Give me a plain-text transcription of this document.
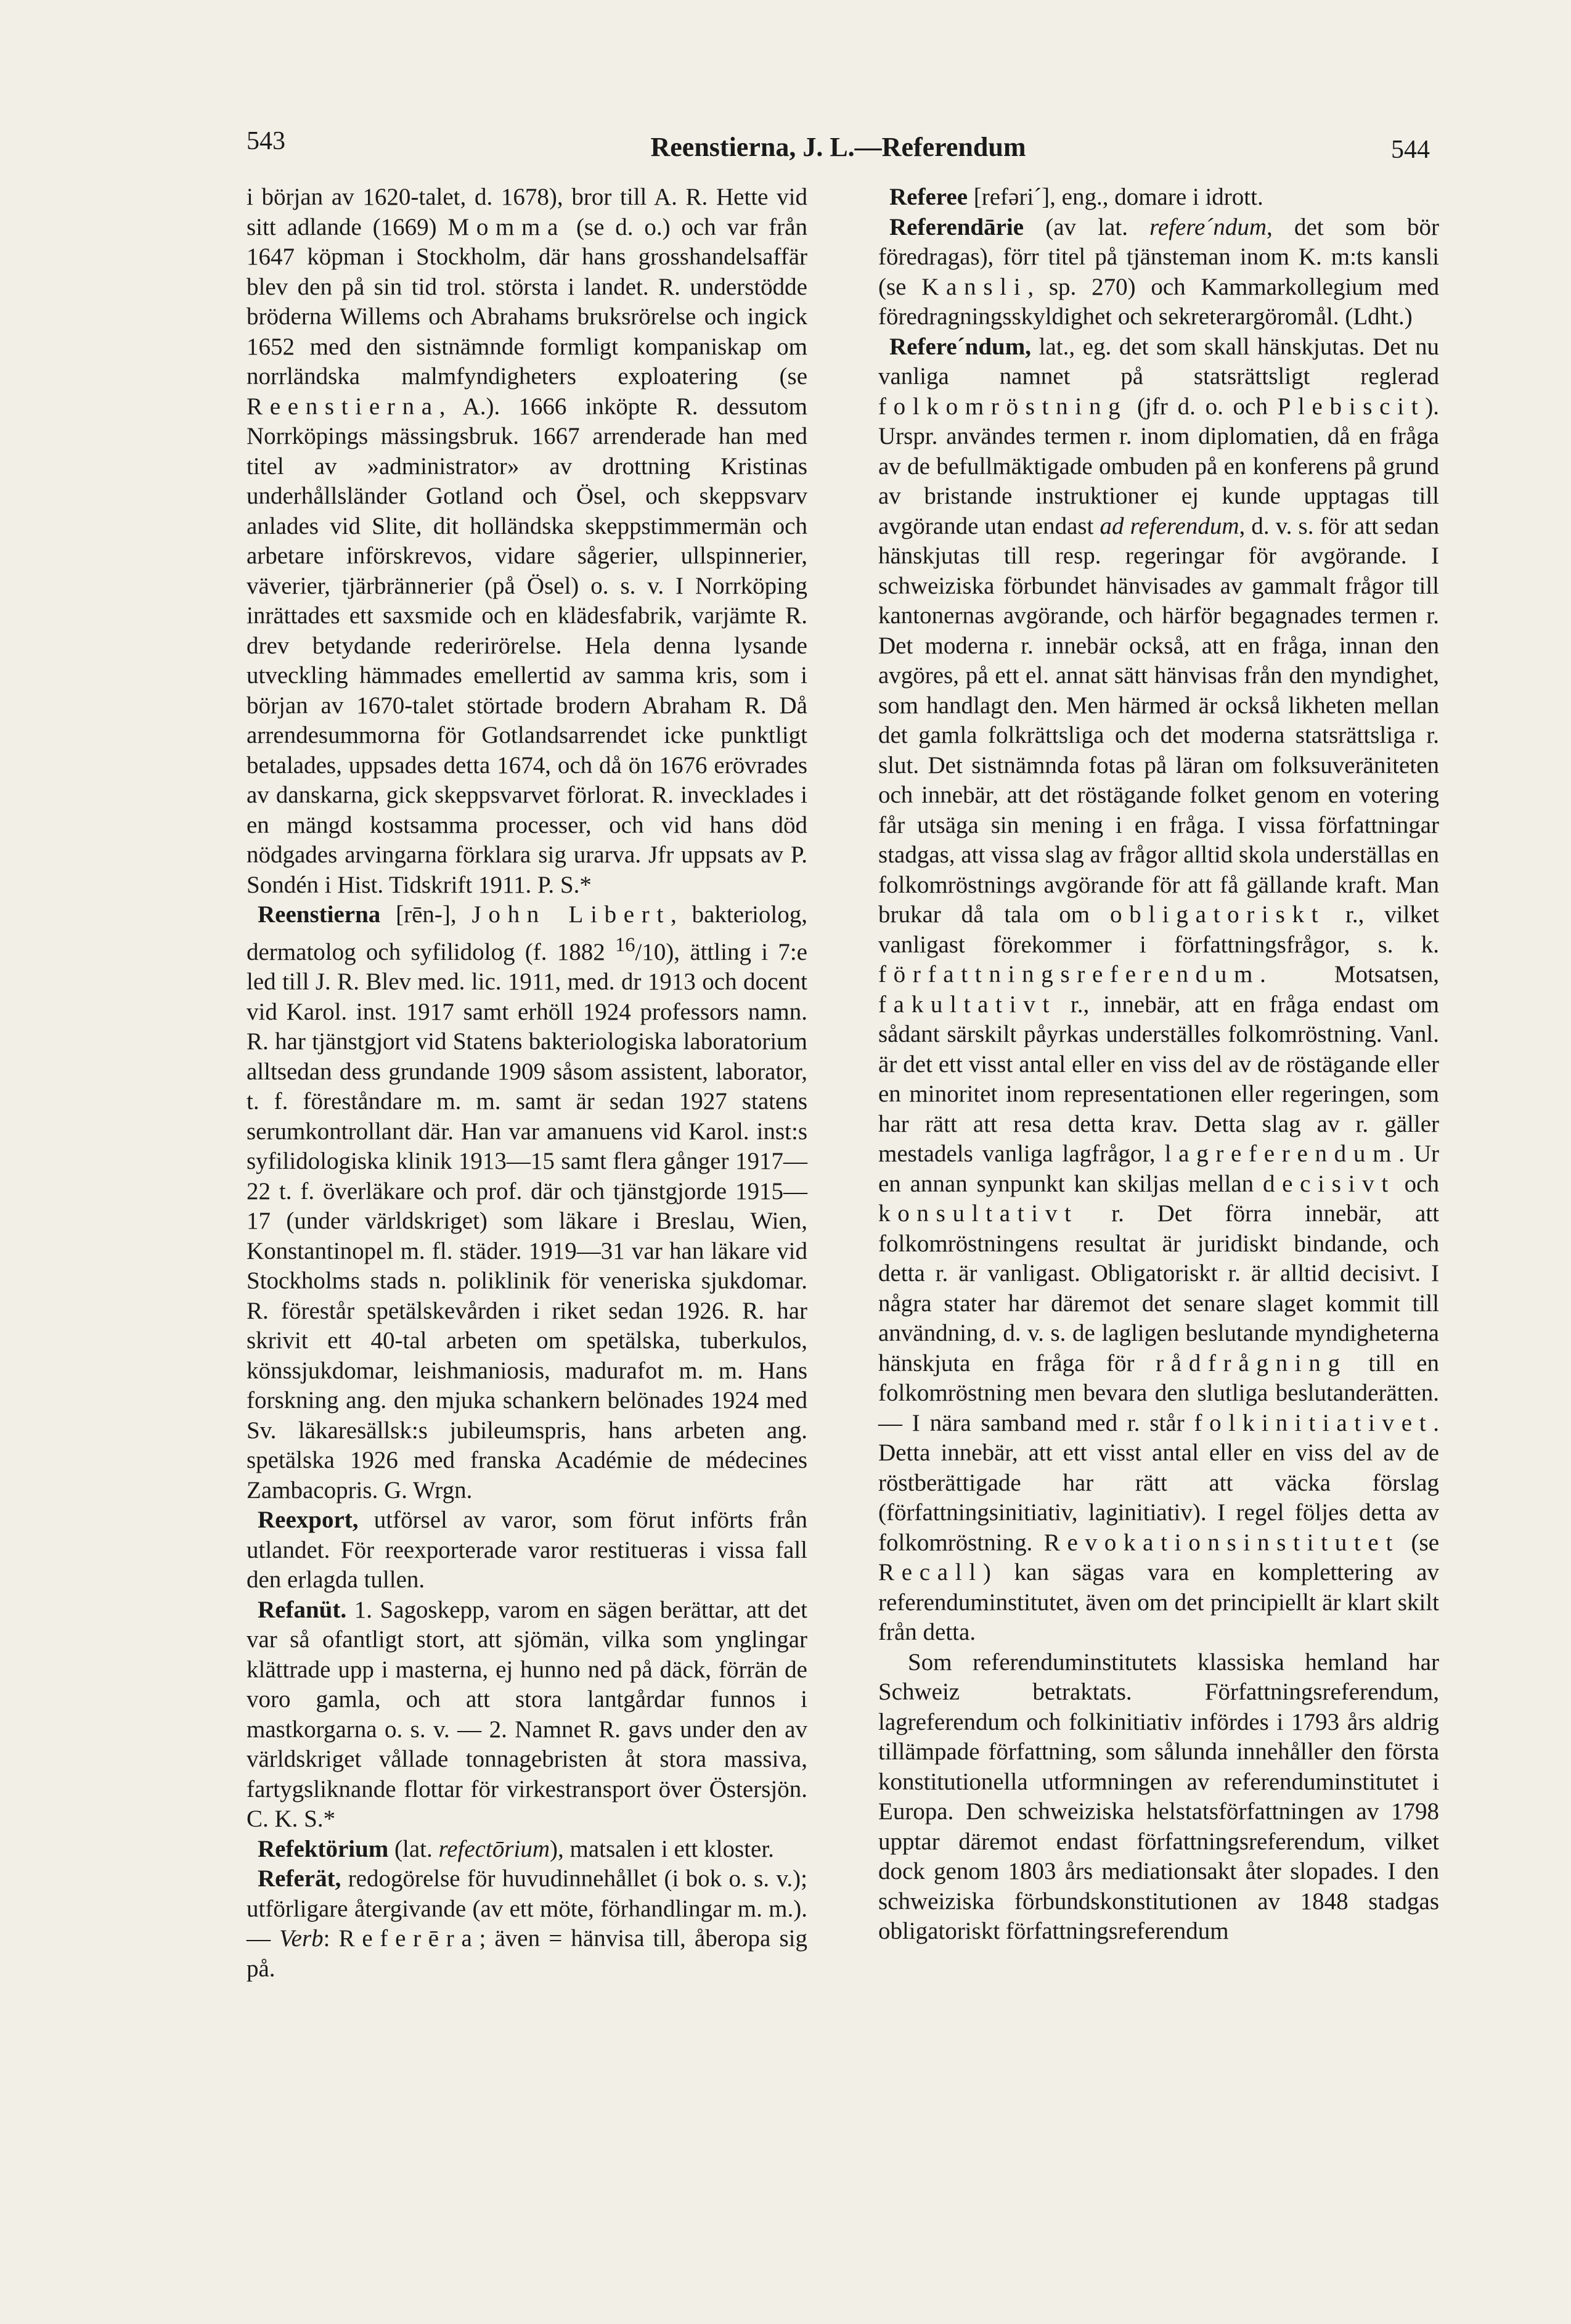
543	Reenstierna, J. L.—Referendum	544

i början av 1620-talet, d. 1678), bror till A. R. Hette vid sitt adlande (1669) Momma (se d. o.) och var från 1647 köpman i Stockholm, där hans grosshandelsaffär blev den på sin tid trol. största i landet. R. understödde bröderna Willems och Abrahams bruksrörelse och ingick 1652 med den sistnämnde formligt kompaniskap om norrländska malmfyndigheters exploatering (se Reenstierna, A.). 1666 inköpte R. dessutom Norrköpings mässingsbruk. 1667 arrenderade han med titel av »administrator» av drottning Kristinas underhållsländer Gotland och Ösel, och skeppsvarv anlades vid Slite, dit holländska skeppstimmermän och arbetare införskrevos, vidare sågerier, ullspinnerier, väverier, tjärbrännerier (på Ösel) o. s. v. I Norrköping inrättades ett saxsmide och en klädesfabrik, varjämte R. drev betydande rederirörelse. Hela denna lysande utveckling hämmades emellertid av samma kris, som i början av 1670-talet störtade brodern Abraham R. Då arrendesummorna för Gotlandsarrendet icke punktligt betalades, uppsades detta 1674, och då ön 1676 erövrades av danskarna, gick skeppsvarvet förlorat. R. invecklades i en mängd kostsamma processer, och vid hans död nödgades arvingarna förklara sig urarva. Jfr uppsats av P. Sondén i Hist. Tidskrift 1911. P. S.*

Reenstierna [rēn-], John Libert, bakteriolog, dermatolog och syfilidolog (f. 1882 $^{16}$/10), ättling i 7:e led till J. R. Blev med. lic. 1911, med. dr 1913 och docent vid Karol. inst. 1917 samt erhöll 1924 professors namn. R. har tjänstgjort vid Statens bakteriologiska laboratorium alltsedan dess grundande 1909 såsom assistent, laborator, t. f. föreståndare m. m. samt är sedan 1927 statens serumkontrollant där. Han var amanuens vid Karol. inst:s syfilidologiska klinik 1913—15 samt flera gånger 1917—22 t. f. överläkare och prof. där och tjänstgjorde 1915—17 (under världskriget) som läkare i Breslau, Wien, Konstantinopel m. fl. städer. 1919—31 var han läkare vid Stockholms stads n. poliklinik för veneriska sjukdomar. R. förestår spetälskevården i riket sedan 1926. R. har skrivit ett 40-tal arbeten om spetälska, tuberkulos, könssjukdomar, leishmaniosis, madurafot m. m. Hans forskning ang. den mjuka schankern belönades 1924 med Sv. läkaresällsk:s jubileumspris, hans arbeten ang. spetälska 1926 med franska Académie de médecines Zambacopris. G. Wrgn.

Reexport, utförsel av varor, som förut införts från utlandet. För reexporterade varor restitueras i vissa fall den erlagda tullen.

Refanüt. 1. Sagoskepp, varom en sägen berättar, att det var så ofantligt stort, att sjömän, vilka som ynglingar klättrade upp i masterna, ej hunno ned på däck, förrän de voro gamla, och att stora lantgårdar funnos i mastkorgarna o. s. v. — 2. Namnet R. gavs under den av världskriget vållade tonnagebristen åt stora massiva, fartygsliknande flottar för virkestransport över Östersjön. C. K. S.*

Refektörium (lat. refectōrium), matsalen i ett kloster.

Referät, redogörelse för huvudinnehållet (i bok o. s. v.); utförligare återgivande (av ett möte, förhandlingar m. m.). — Verb: Referēra; även = hänvisa till, åberopa sig på.

Referee [refəri´], eng., domare i idrott.

Referendārie (av lat. refere´ndum, det som bör föredragas), förr titel på tjänsteman inom K. m:ts kansli (se Kansli, sp. 270) och Kammarkollegium med föredragningsskyldighet och sekreterargöromål. (Ldht.)

Refere´ndum, lat., eg. det som skall hänskjutas. Det nu vanliga namnet på statsrättsligt reglerad folkomröstning (jfr d. o. och Plebiscit). Urspr. användes termen r. inom diplomatien, då en fråga av de befullmäktigade ombuden på en konferens på grund av bristande instruktioner ej kunde upptagas till avgörande utan endast ad referendum, d. v. s. för att sedan hänskjutas till resp. regeringar för avgörande. I schweiziska förbundet hänvisades av gammalt frågor till kantonernas avgörande, och härför begagnades termen r. Det moderna r. innebär också, att en fråga, innan den avgöres, på ett el. annat sätt hänvisas från den myndighet, som handlagt den. Men härmed är också likheten mellan det gamla folkrättsliga och det moderna statsrättsliga r. slut. Det sistnämnda fotas på läran om folksuveräniteten och innebär, att det röstägande folket genom en votering får utsäga sin mening i en fråga. I vissa författningar stadgas, att vissa slag av frågor alltid skola underställas en folkomröstnings avgörande för att få gällande kraft. Man brukar då tala om obligatoriskt r., vilket vanligast förekommer i författningsfrågor, s. k. författningsreferendum. Motsatsen, fakultativt r., innebär, att en fråga endast om sådant särskilt påyrkas underställes folkomröstning. Vanl. är det ett visst antal eller en viss del av de röstägande eller en minoritet inom representationen eller regeringen, som har rätt att resa detta krav. Detta slag av r. gäller mestadels vanliga lagfrågor, lagreferendum. Ur en annan synpunkt kan skiljas mellan decisivt och konsultativt r. Det förra innebär, att folkomröstningens resultat är juridiskt bindande, och detta r. är vanligast. Obligatoriskt r. är alltid decisivt. I några stater har däremot det senare slaget kommit till användning, d. v. s. de lagligen beslutande myndigheterna hänskjuta en fråga för rådfrågning till en folkomröstning men bevara den slutliga beslutanderätten. — I nära samband med r. står folkinitiativet. Detta innebär, att ett visst antal eller en viss del av de röstberättigade har rätt att väcka förslag (författningsinitiativ, laginitiativ). I regel följes detta av folkomröstning. Revokationsinstitutet (se Recall) kan sägas vara en komplettering av referenduminstitutet, även om det principiellt är klart skilt från detta.

Som referenduminstitutets klassiska hemland har Schweiz betraktats. Författningsreferendum, lagreferendum och folkinitiativ infördes i 1793 års aldrig tillämpade författning, som sålunda innehåller den första konstitutionella utformningen av referenduminstitutet i Europa. Den schweiziska helstatsförfattningen av 1798 upptar däremot endast författningsreferendum, vilket dock genom 1803 års mediationsakt åter slopades. I den schweiziska förbundskonstitutionen av 1848 stadgas obligatoriskt författningsreferendum
